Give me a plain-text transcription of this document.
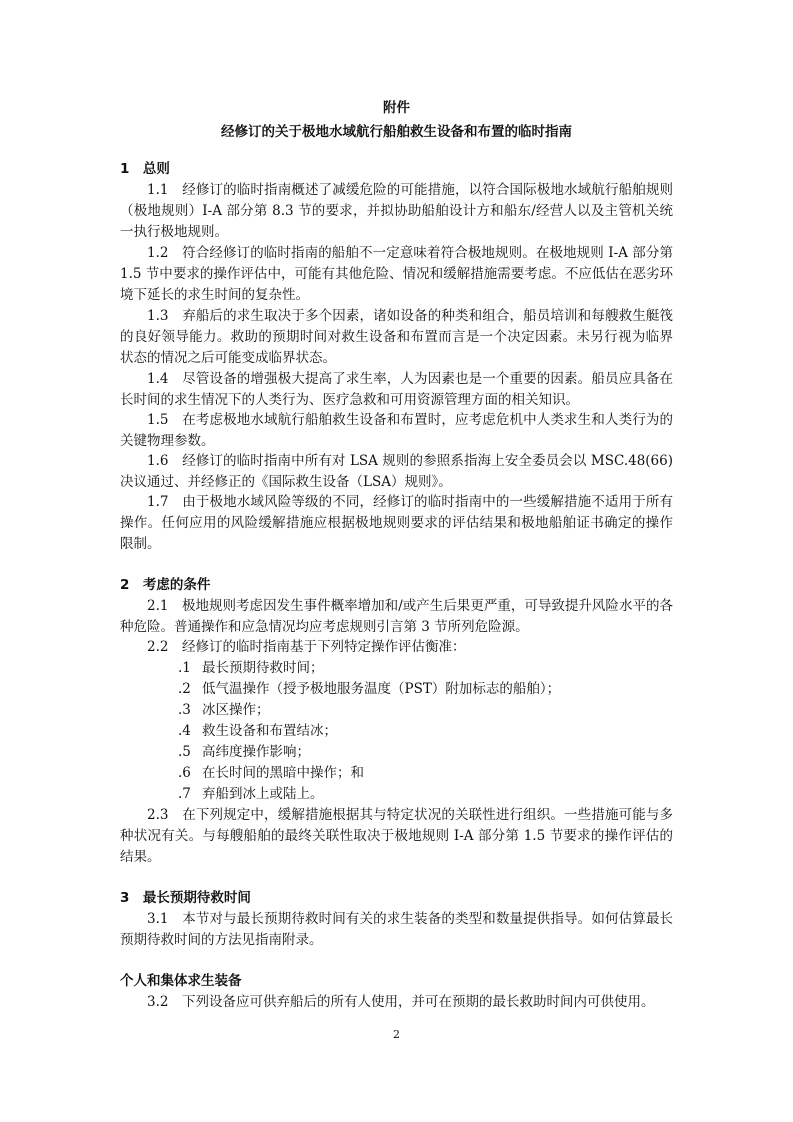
附件
经修订的关于极地水域航行船舶救生设备和布置的临时指南
1　总则
1.1　经修订的临时指南概述了减缓危险的可能措施，以符合国际极地水域航行船舶规则（极地规则）I-A 部分第 8.3 节的要求，并拟协助船舶设计方和船东/经营人以及主管机关统一执行极地规则。
1.2　符合经修订的临时指南的船舶不一定意味着符合极地规则。在极地规则 I-A 部分第 1.5 节中要求的操作评估中，可能有其他危险、情况和缓解措施需要考虑。不应低估在恶劣环境下延长的求生时间的复杂性。
1.3　弃船后的求生取决于多个因素，诸如设备的种类和组合，船员培训和每艘救生艇筏的良好领导能力。救助的预期时间对救生设备和布置而言是一个决定因素。未另行视为临界状态的情况之后可能变成临界状态。
1.4　尽管设备的增强极大提高了求生率，人为因素也是一个重要的因素。船员应具备在长时间的求生情况下的人类行为、医疗急救和可用资源管理方面的相关知识。
1.5　在考虑极地水域航行船舶救生设备和布置时，应考虑危机中人类求生和人类行为的关键物理参数。
1.6　经修订的临时指南中所有对 LSA 规则的参照系指海上安全委员会以 MSC.48(66) 决议通过、并经修正的《国际救生设备（LSA）规则》。
1.7　由于极地水域风险等级的不同，经修订的临时指南中的一些缓解措施不适用于所有操作。任何应用的风险缓解措施应根据极地规则要求的评估结果和极地船舶证书确定的操作限制。
2　考虑的条件
2.1　极地规则考虑因发生事件概率增加和/或产生后果更严重，可导致提升风险水平的各种危险。普通操作和应急情况均应考虑规则引言第 3 节所列危险源。
2.2　经修订的临时指南基于下列特定操作评估衡准：
.1 最长预期待救时间；
.2 低气温操作（授予极地服务温度（PST）附加标志的船舶）；
.3 冰区操作；
.4 救生设备和布置结冰；
.5 高纬度操作影响；
.6 在长时间的黑暗中操作；和
.7 弃船到冰上或陆上。
2.3　在下列规定中，缓解措施根据其与特定状况的关联性进行组织。一些措施可能与多种状况有关。与每艘船舶的最终关联性取决于极地规则 I-A 部分第 1.5 节要求的操作评估的结果。
3　最长预期待救时间
3.1　本节对与最长预期待救时间有关的求生装备的类型和数量提供指导。如何估算最长预期待救时间的方法见指南附录。
个人和集体求生装备
3.2　下列设备应可供弃船后的所有人使用，并可在预期的最长救助时间内可供使用。
2
